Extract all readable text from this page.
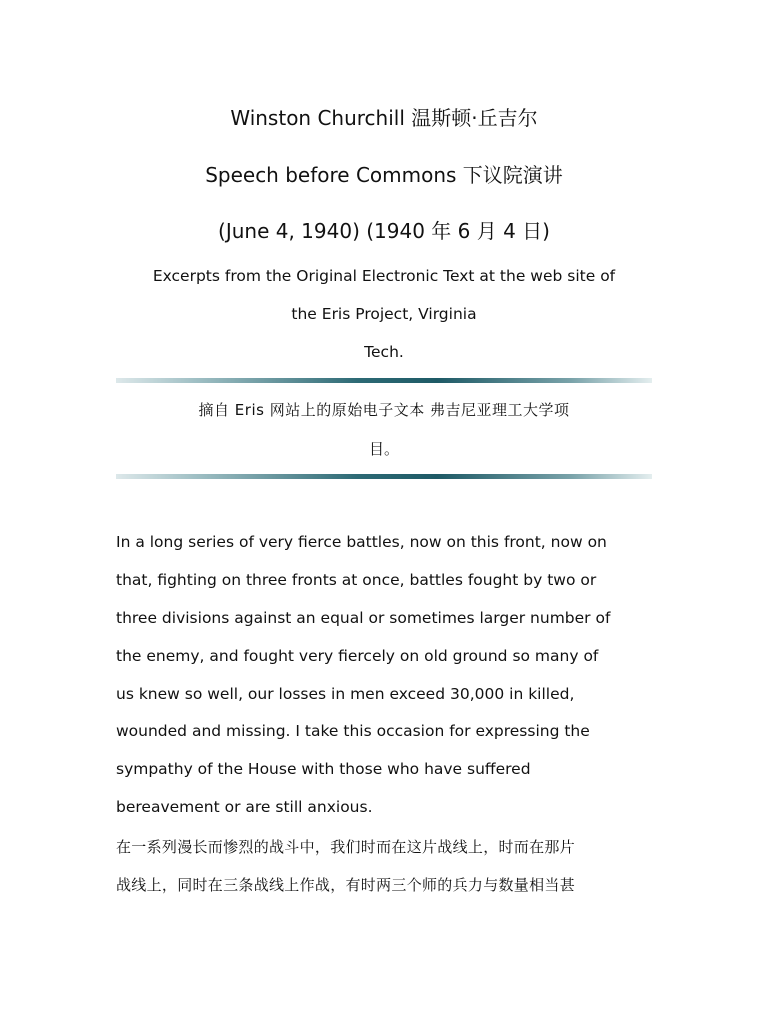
Winston Churchill 温斯顿·丘吉尔
Speech before Commons 下议院演讲
(June 4, 1940) (1940 年 6 月 4 日)
Excerpts from the Original Electronic Text at the web site of
the Eris Project, Virginia
Tech.
摘自 Eris 网站上的原始电子文本 弗吉尼亚理工大学项
目。
In a long series of very fierce battles, now on this front, now on
that, fighting on three fronts at once, battles fought by two or
three divisions against an equal or sometimes larger number of
the enemy, and fought very fiercely on old ground so many of
us knew so well, our losses in men exceed 30,000 in killed,
wounded and missing. I take this occasion for expressing the
sympathy of the House with those who have suffered
bereavement or are still anxious.
在一系列漫长而惨烈的战斗中，我们时而在这片战线上，时而在那片
战线上，同时在三条战线上作战，有时两三个师的兵力与数量相当甚
